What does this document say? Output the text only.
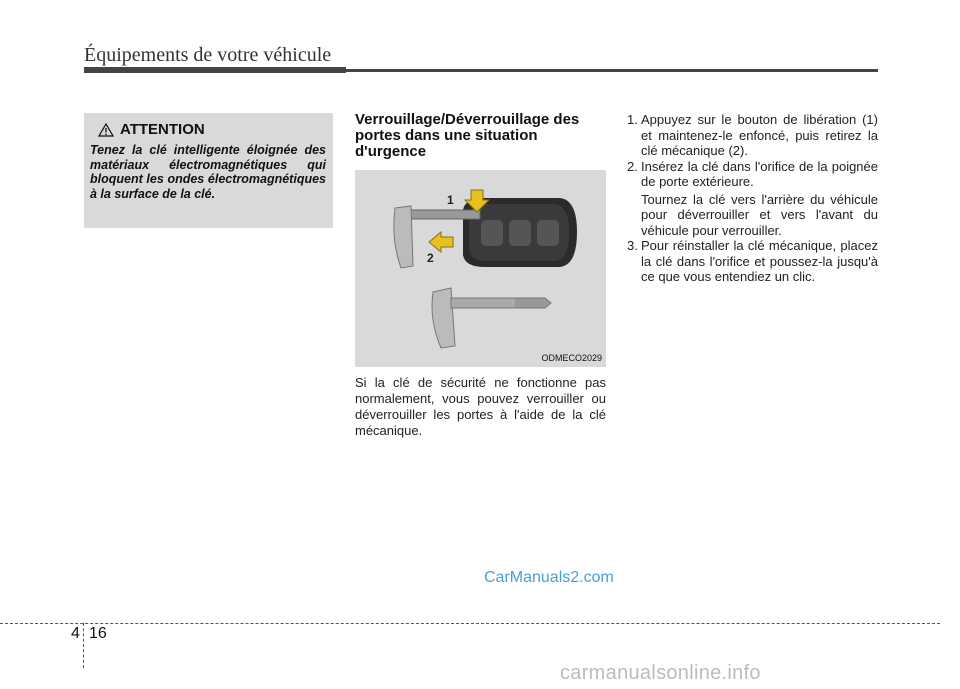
Équipements de votre véhicule
ATTENTION
Tenez la clé intelligente éloignée des matériaux électromagnétiques qui bloquent les ondes électromagnétiques à la surface de la clé.
Verrouillage/Déverrouillage des portes dans une situation d'urgence
1
2
ODMECO2029
Si la clé de sécurité ne fonctionne pas normalement, vous pouvez verrouiller ou déverrouiller les portes à l'aide de la clé mécanique.
1. Appuyez sur le bouton de libération (1) et maintenez-le enfoncé, puis retirez la clé mécanique (2).
2. Insérez la clé dans l'orifice de la poignée de porte extérieure.
Tournez la clé vers l'arrière du véhicule pour déverrouiller et vers l'avant du véhicule pour verrouiller.
3. Pour réinstaller la clé mécanique, placez la clé dans l'orifice et poussez-la jusqu'à ce que vous entendiez un clic.
CarManuals2.com
4 16
carmanualsonline.info
